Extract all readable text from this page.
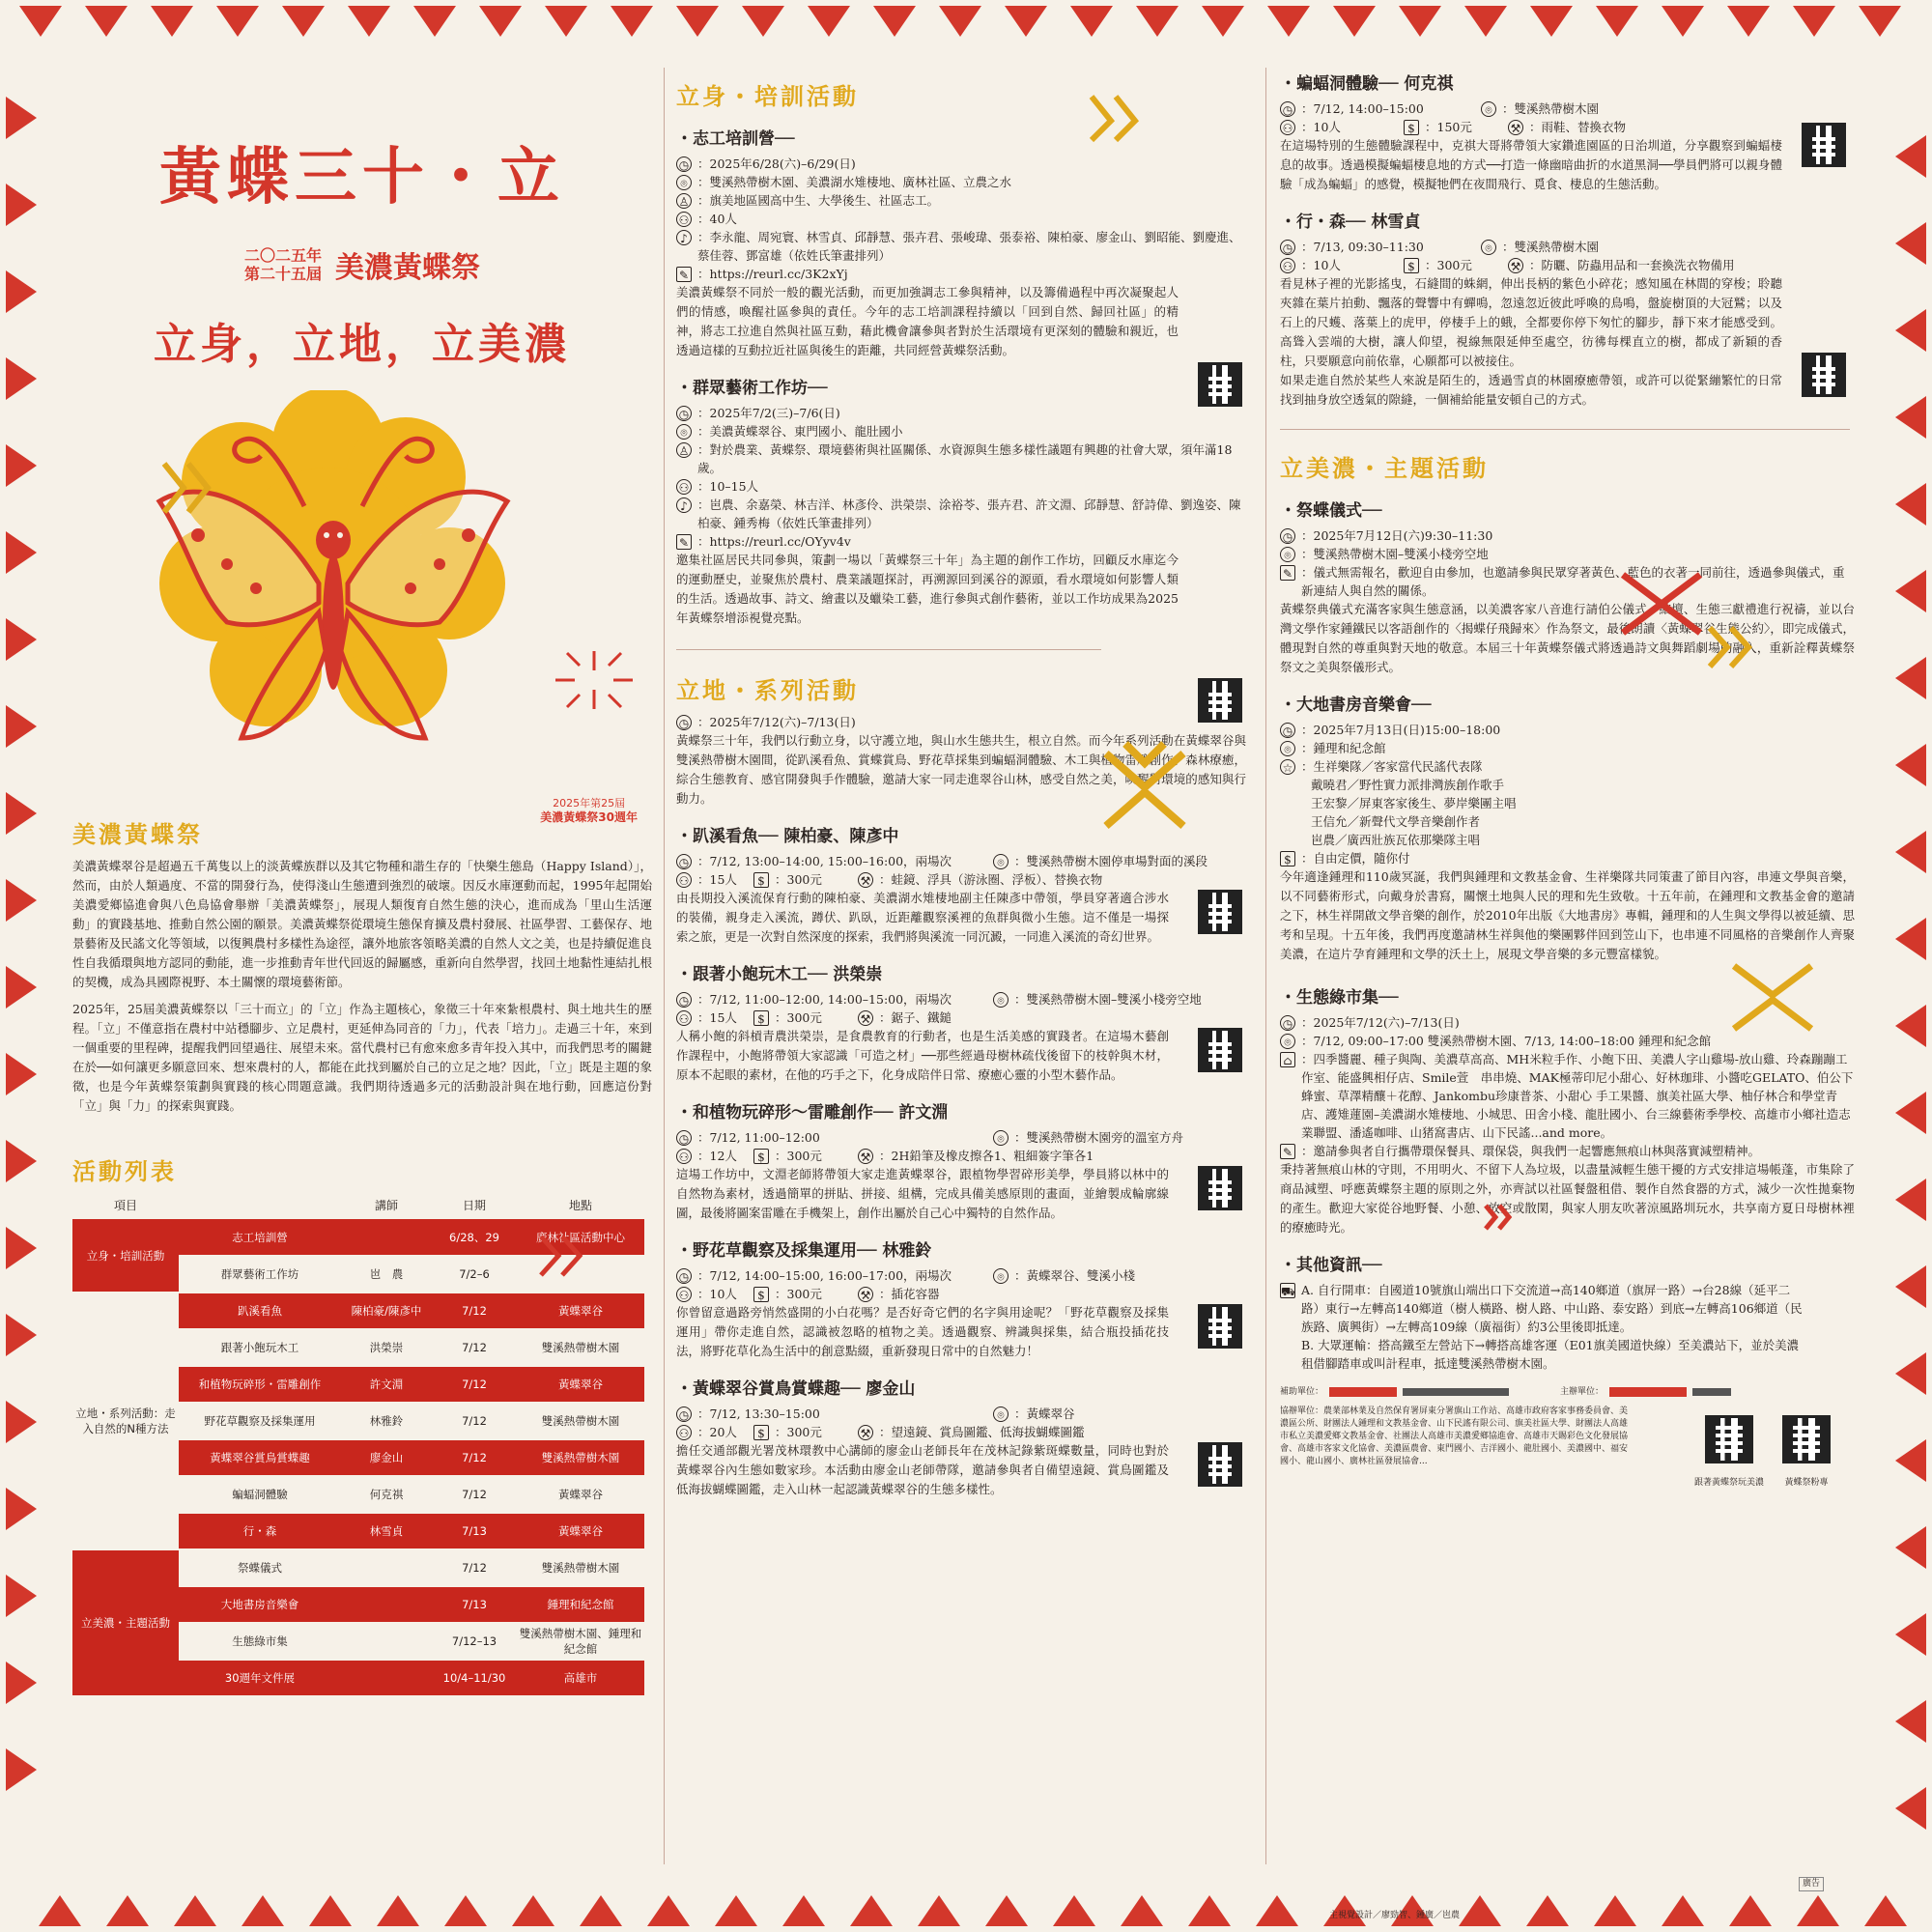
黃蝶三十・立
二〇二五年
第二十五屆 美濃黃蝶祭
立身，立地，立美濃
2025年第25屆
美濃黃蝶祭30週年
美濃黃蝶祭

美濃黃蝶翠谷是超過五千萬隻以上的淡黃蝶族群以及其它物種和諧生存的「快樂生態島（Happy Island）」，然而，由於人類過度、不當的開發行為，使得淺山生態遭到強烈的破壞。因反水庫運動而起，1995年起開始美濃愛鄉協進會與八色鳥協會舉辦「美濃黃蝶祭」，展現人類復育自然生態的決心，進而成為「里山生活運動」的實踐基地、推動自然公園的願景。美濃黃蝶祭從環境生態保育擴及農村發展、社區學習、工藝保存、地景藝術及民謠文化等領域，以復興農村多樣性為途徑，讓外地旅客領略美濃的自然人文之美，也是持續促進良性自我循環與地方認同的動能，進一步推動青年世代回返的歸屬感，重新向自然學習，找回土地黏性連結扎根的契機，成為具國際視野、本土關懷的環境藝術節。

2025年，25屆美濃黃蝶祭以「三十而立」的「立」作為主題核心，象徵三十年來紮根農村、與土地共生的歷程。「立」不僅意指在農村中站穩腳步、立足農村，更延伸為同音的「力」，代表「培力」。走過三十年，來到一個重要的里程碑，提醒我們回望過往、展望未來。當代農村已有愈來愈多青年投入其中，而我們思考的關鍵在於──如何讓更多願意回來、想來農村的人，都能在此找到屬於自己的立足之地？因此，「立」既是主題的象徵，也是今年黃蝶祭策劃與實踐的核心問題意識。我們期待透過多元的活動設計與在地行動，回應這份對「立」與「力」的探索與實踐。

活動列表
項目		講師	日期	地點
立身・培訓活動	志工培訓營		6/28、29	廣林社區活動中心
	群眾藝術工作坊	岜　農	7/2–6	
立地・系列活動：走入自然的N種方法	趴溪看魚	陳柏豪/陳彥中	7/12	黃蝶翠谷
	跟著小飽玩木工	洪榮崇	7/12	雙溪熱帶樹木園
	和植物玩碎形・雷雕創作	許文淵	7/12	黃蝶翠谷
	野花草觀察及採集運用	林雅鈴	7/12	雙溪熱帶樹木園
	黃蝶翠谷賞鳥賞蝶趣	廖金山	7/12	雙溪熱帶樹木園
	蝙蝠洞體驗	何克祺	7/12	黃蝶翠谷
	行・森	林雪貞	7/13	黃蝶翠谷
立美濃・主題活動	祭蝶儀式		7/12	雙溪熱帶樹木園
	大地書房音樂會		7/13	鍾理和紀念館
	生態綠市集		7/12–13	雙溪熱帶樹木園、鍾理和紀念館
	30週年文件展		10/4–11/30	高雄市
立身・培訓活動
・志工培訓營──
◷ ：2025年6/28(六)–6/29(日)
⌾ ：雙溪熱帶樹木園、美濃湖水雉棲地、廣林社區、立農之水
♙ ：旗美地區國高中生、大學後生、社區志工。
⚇ ：40人
♪ ：李永龍、周宛寰、林雪貞、邱靜慧、張卉君、張峻瑋、張泰裕、陳柏豪、廖金山、劉昭能、劉慶進、蔡佳蓉、鄧富雄（依姓氏筆畫排列）
✎ ：https://reurl.cc/3K2xYj

美濃黃蝶祭不同於一般的觀光活動，而更加強調志工參與精神，以及籌備過程中再次凝聚起人們的情感，喚醒社區參與的責任。今年的志工培訓課程持續以「回到自然、歸回社區」的精神，將志工拉進自然與社區互動，藉此機會讓參與者對於生活環境有更深刻的體驗和親近，也透過這樣的互動拉近社區與後生的距離，共同經營黃蝶祭活動。

・群眾藝術工作坊──
◷ ：2025年7/2(三)–7/6(日)
⌾ ：美濃黃蝶翠谷、東門國小、龍肚國小
♙ ：對於農業、黃蝶祭、環境藝術與社區關係、水資源與生態多樣性議題有興趣的社會大眾，須年滿18歲。
⚇ ：10–15人
♪ ：岜農、余嘉榮、林吉洋、林彥伶、洪榮崇、涂裕苓、張卉君、許文淵、邱靜慧、舒詩偉、劉逸姿、陳柏豪、鍾秀梅（依姓氏筆畫排列）
✎ ：https://reurl.cc/OYyv4v

邀集社區居民共同參與，策劃一場以「黃蝶祭三十年」為主題的創作工作坊，回顧反水庫迄今的運動歷史，並聚焦於農村、農業議題探討，再溯源回到溪谷的源頭，看水環境如何影響人類的生活。透過故事、詩文、繪畫以及蠟染工藝，進行參與式創作藝術，並以工作坊成果為2025年黃蝶祭增添視覺亮點。

立地・系列活動
◷ ：2025年7/12(六)–7/13(日)

黃蝶祭三十年，我們以行動立身，以守護立地，與山水生態共生，根立自然。而今年系列活動在黃蝶翠谷與雙溪熱帶樹木園間，從趴溪看魚、賞蝶賞鳥、野花草採集到蝙蝠洞體驗、木工與植物雷雕創作、森林療癒，綜合生態教育、感官開發與手作體驗，邀請大家一同走進翠谷山林，感受自然之美，喚醒對環境的感知與行動力。

・趴溪看魚── 陳柏豪、陳彥中
◷ ：7/12, 13:00–14:00, 15:00–16:00，兩場次	⌾ ：雙溪熱帶樹木園停車場對面的溪段
⚇ ：15人	$ ：300元	⚒ ：蛙鏡、浮具（游泳圈、浮板）、替換衣物

由長期投入溪流保育行動的陳柏豪、美濃湖水雉棲地副主任陳彥中帶領，學員穿著適合涉水的裝備，親身走入溪流，蹲伏、趴臥，近距離觀察溪裡的魚群與微小生態。這不僅是一場探索之旅，更是一次對自然深度的探索，我們將與溪流一同沉澱，一同進入溪流的奇幻世界。

・跟著小飽玩木工── 洪榮崇
◷ ：7/12, 11:00–12:00, 14:00–15:00，兩場次	⌾ ：雙溪熱帶樹木園–雙溪小棧旁空地
⚇ ：15人	$ ：300元	⚒ ：鋸子、鐵鎚

人稱小飽的斜槓青農洪榮崇，是食農教育的行動者，也是生活美感的實踐者。在這場木藝創作課程中，小飽將帶領大家認識「可造之材」──那些經過母樹林疏伐後留下的枝幹與木材，原本不起眼的素材，在他的巧手之下，化身成陪伴日常、療癒心靈的小型木藝作品。

・和植物玩碎形～雷雕創作── 許文淵
◷ ：7/12, 11:00–12:00	⌾ ：雙溪熱帶樹木園旁的溫室方舟
⚇ ：12人	$ ：300元	⚒ ：2H鉛筆及橡皮擦各1、粗細簽字筆各1

這場工作坊中，文淵老師將帶領大家走進黃蝶翠谷，跟植物學習碎形美學，學員將以林中的自然物為素材，透過簡單的拼貼、拼接、組構，完成具備美感原則的畫面，並繪製成輪廓線圖，最後將圖案雷雕在手機架上，創作出屬於自己心中獨特的自然作品。

・野花草觀察及採集運用── 林雅鈴
◷ ：7/12, 14:00–15:00, 16:00–17:00，兩場次	⌾ ：黃蝶翠谷、雙溪小棧
⚇ ：10人	$ ：300元	⚒ ：插花容器

你曾留意過路旁悄然盛開的小白花嗎？是否好奇它們的名字與用途呢？「野花草觀察及採集運用」帶你走進自然，認識被忽略的植物之美。透過觀察、辨識與採集，結合瓶投插花技法，將野花草化為生活中的創意點綴，重新發現日常中的自然魅力！

・黃蝶翠谷賞鳥賞蝶趣── 廖金山
◷ ：7/12, 13:30–15:00	⌾ ：黃蝶翠谷
⚇ ：20人	$ ：300元	⚒ ：望遠鏡、賞鳥圖鑑、低海拔蝴蝶圖鑑

擔任交通部觀光署茂林環教中心講師的廖金山老師長年在茂林記錄紫斑蝶數量，同時也對於黃蝶翠谷內生態如數家珍。本活動由廖金山老師帶隊，邀請參與者自備望遠鏡、賞鳥圖鑑及低海拔蝴蝶圖鑑，走入山林一起認識黃蝶翠谷的生態多樣性。

・蝙蝠洞體驗── 何克祺
◷ ：7/12, 14:00–15:00	⌾ ：雙溪熱帶樹木園
⚇ ：10人	$ ：150元	⚒ ：雨鞋、替換衣物

在這場特別的生態體驗課程中，克祺大哥將帶領大家鑽進園區的日治圳道，分享觀察到蝙蝠棲息的故事。透過模擬蝙蝠棲息地的方式──打造一條幽暗曲折的水道黑洞──學員們將可以親身體驗「成為蝙蝠」的感覺，模擬牠們在夜間飛行、覓食、棲息的生態活動。

・行・森── 林雪貞
◷ ：7/13, 09:30–11:30	⌾ ：雙溪熱帶樹木園
⚇ ：10人	$ ：300元	⚒ ：防曬、防蟲用品和一套換洗衣物備用

看見林子裡的光影搖曳，石縫間的蛛網，伸出長柄的紫色小碎花；感知風在林間的穿梭；聆聽夾雜在葉片拍動、飄落的聲響中有蟬鳴，忽遠忽近彼此呼喚的鳥鳴，盤旋樹頂的大冠鷲；以及石上的尺蠖、落葉上的虎甲，停棲手上的蛾，全都要你停下匆忙的腳步，靜下來才能感受到。高聳入雲端的大樹，讓人仰望，視線無限延伸至處空，彷彿每棵直立的樹，都成了新穎的香柱，只要願意向前依靠，心願都可以被接住。

如果走進自然於某些人來說是陌生的，透過雪貞的林園療癒帶領，或許可以從緊繃繁忙的日常找到抽身放空透氣的隙縫，一個補給能量安頓自己的方式。

立美濃・主題活動
・祭蝶儀式──
◷ ：2025年7月12日(六)9:30–11:30
⌾ ：雙溪熱帶樹木園–雙溪小棧旁空地
✎ ：儀式無需報名，歡迎自由參加，也邀請參與民眾穿著黃色、藍色的衣著一同前往，透過參與儀式，重新連結人與自然的關係。

黃蝶祭典儀式充滿客家與生態意涵，以美濃客家八音進行請伯公儀式、結壇、生態三獻禮進行祝禱，並以台灣文學作家鍾鐵民以客語創作的〈揭蝶仔飛歸來〉作為祭文，最後朗讀〈黃蝶翠谷生態公約〉，即完成儀式，體現對自然的尊重與對天地的敬意。本屆三十年黃蝶祭儀式將透過詩文與舞蹈劇場的融入，重新詮釋黃蝶祭祭文之美與祭儀形式。

・大地書房音樂會──
◷ ：2025年7月13日(日)15:00–18:00
⌾ ：鍾理和紀念館
☆ ：生祥樂隊／客家當代民謠代表隊
戴曉君／野性實力派排灣族創作歌手
王宏黎／屏東客家後生、夢岸樂團主唱
王信允／新聲代文學音樂創作者
岜農／廣西壯族瓦依那樂隊主唱
$ ：自由定價，隨你付

今年適逢鍾理和110歲冥誕，我們與鍾理和文教基金會、生祥樂隊共同策畫了節目內容，串連文學與音樂，以不同藝術形式，向戴身於書寫，關懷土地與人民的理和先生致敬。十五年前，在鍾理和文教基金會的邀請之下，林生祥開啟文學音樂的創作，於2010年出版《大地書房》專輯，鍾理和的人生與文學得以被延續、思考和呈現。十五年後，我們再度邀請林生祥與他的樂團夥伴回到笠山下，也串連不同風格的音樂創作人齊聚美濃，在這片孕育鍾理和文學的沃土上，展現文學音樂的多元豐富樣貌。

・生態綠市集──
◷ ：2025年7/12(六)–7/13(日)
⌾ ：7/12, 09:00–17:00 雙溪熱帶樹木園、7/13, 14:00–18:00 鍾理和紀念館
⌂ ：四季醬麗、種子與陶、美濃草高高、MH米粒手作、小飽下田、美濃人字山雞場-放山雞、玲森蹦蹦工作室、能盛興相仔店、Smile萱　串串燒、MAK極蒂印尼小甜心、好林珈琲、小醬吃GELATO、伯公下蜂蜜、草澤精釀＋花醇、Jankombu珍康普茶、小甜心 手工果醬、旗美社區大學、柚仔林合和學堂青店、護雉蓮園–美濃湖水雉棲地、小城思、田舍小棧、龍肚國小、台三線藝術季學校、高雄市小鄉社造志業聯盟、潘遙咖啡、山猪窩書店、山下民謠...and more。
✎ ：邀請參與者自行攜帶環保餐具、環保袋，與我們一起響應無痕山林與落實減塑精神。

秉持著無痕山林的守則，不用明火、不留下人為垃圾，以盡量減輕生態干擾的方式安排這場帳蓬，市集除了商品減塑、呼應黃蝶祭主題的原則之外，亦齊試以社區餐盤租借、製作自然食器的方式，減少一次性拋棄物的產生。歡迎大家從谷地野餐、小憩、放空或散閑，與家人朋友吹著涼風路圳玩水，共享南方夏日母樹林裡的療癒時光。

・其他資訊──
⛟ A. 自行開車：自國道10號旗山端出口下交流道→高140鄉道（旗屏一路）→台28線（延平二路）東行→左轉高140鄉道（樹人橫路、樹人路、中山路、泰安路）到底→左轉高106鄉道（民族路、廣興街）→左轉高109線（廣福街）約3公里後即抵達。
B. 大眾運輸：搭高鐵至左營站下→轉搭高雄客運（E01旗美國道快線）至美濃站下，並於美濃租借腳踏車或叫計程車，抵達雙溪熱帶樹木園。
補助單位：	主辦單位：
協辦單位：農業部林業及自然保育署屏東分署旗山工作站、高雄市政府客家事務委員會、美濃區公所、財團法人鍾理和文教基金會、山下民謠有限公司、旗美社區大學、財團法人高雄市私立美濃愛鄉文教基金會、社團法人高雄市美濃愛鄉協進會、高雄市天賜彩色文化發展協會、高雄市客家文化協會、美濃區農會、東門國小、吉洋國小、龍肚國小、美濃國中、福安國小、龍山國小、廣林社區發展協會...
跟著黃蝶祭玩美濃	黃蝶祭粉專
主視覺設計／廖勁智、鍾廣／岜農
廣告
